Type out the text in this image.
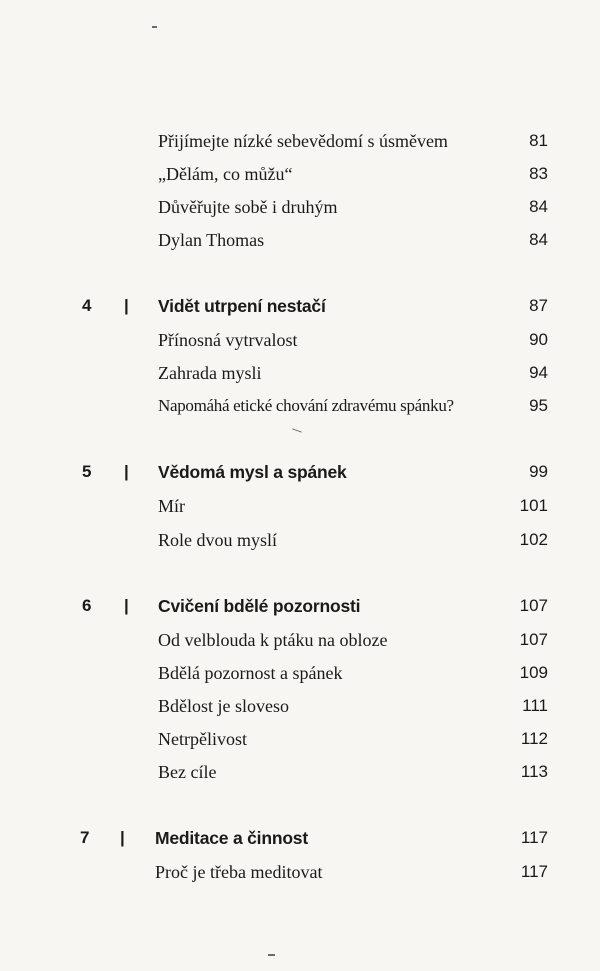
Přijímejte nízké sebevědomí s úsměvem	81
„Dělám, co můžu“	83
Důvěřujte sobě i druhým	84
Dylan Thomas	84
4 | Vidět utrpení nestačí	87
Přínosná vytrvalost	90
Zahrada mysli	94
Napomáhá etické chování zdravému spánku?	95
5 | Vědomá mysl a spánek	99
Mír	101
Role dvou myslí	102
6 | Cvičení bdělé pozornosti	107
Od velblouda k ptáku na obloze	107
Bdělá pozornost a spánek	109
Bdělost je sloveso	111
Netrpělivost	112
Bez cíle	113
7 | Meditace a činnost	117
Proč je třeba meditovat	117
